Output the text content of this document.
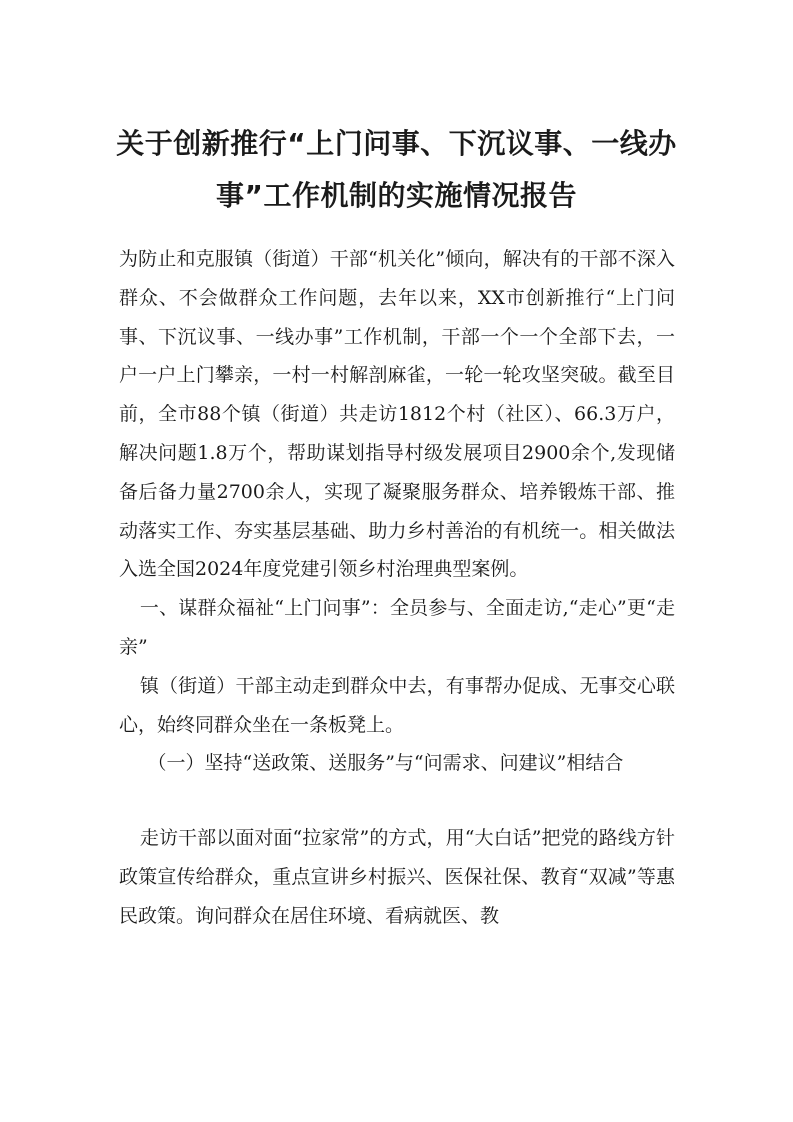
关于创新推行“上门问事、下沉议事、一线办事”工作机制的实施情况报告

为防止和克服镇（街道）干部“机关化”倾向，解决有的干部不深入群众、不会做群众工作问题，去年以来，XX市创新推行“上门问事、下沉议事、一线办事”工作机制，干部一个一个全部下去，一户一户上门攀亲，一村一村解剖麻雀，一轮一轮攻坚突破。截至目前，全市88个镇（街道）共走访1812个村（社区）、66.3万户，解决问题1.8万个，帮助谋划指导村级发展项目2900余个,发现储备后备力量2700余人，实现了凝聚服务群众、培养锻炼干部、推动落实工作、夯实基层基础、助力乡村善治的有机统一。相关做法入选全国2024年度党建引领乡村治理典型案例。

一、谋群众福祉“上门问事”：全员参与、全面走访,“走心”更“走亲”

镇（街道）干部主动走到群众中去，有事帮办促成、无事交心联心，始终同群众坐在一条板凳上。

（一）坚持“送政策、送服务”与“问需求、问建议”相结合

走访干部以面对面“拉家常”的方式，用“大白话”把党的路线方针政策宣传给群众，重点宣讲乡村振兴、医保社保、教育“双减”等惠民政策。询问群众在居住环境、看病就医、教
